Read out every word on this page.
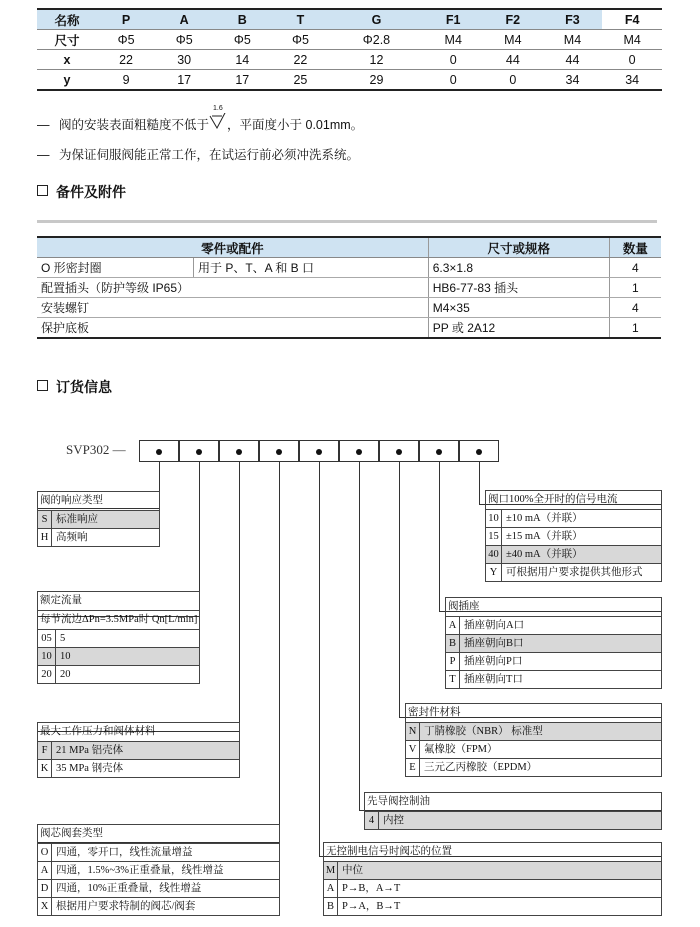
名称	P	A	B	T	G	F1	F2	F3	F4
尺寸	Φ5	Φ5	Φ5	Φ5	Φ2.8	M4	M4	M4	M4
x	22	30	14	22	12	0	44	44	0
y	9	17	17	25	29	0	0	34	34
— 阀的安装表面粗糙度不低于
1.6
，平面度小于 0.01mm。
— 为保证伺服阀能正常工作，在试运行前必须冲洗系统。
备件及附件
零件或配件		尺寸或规格	数量
O 形密封圈	用于 P、T、A 和 B 口	6.3×1.8	4
配置插头（防护等级 IP65）		HB6-77-83 插头	1
安装螺钉		M4×35	4
保护底板		PP 或 2A12	1
订货信息
SVP302 —
阀的响应类型
S 标准响应
H 高频响
额定流量
每节流边ΔPn=3.5MPa时 Qn[L/min]
05 5
10 10
20 20
最大工作压力和阀体材料
F 21 MPa 铝壳体
K 35 MPa 钢壳体
阀芯阀套类型
O 四通，零开口，线性流量增益
A 四通，1.5%~3%正重叠量，线性增益
D 四通，10%正重叠量，线性增益
X 根据用户要求特制的阀芯/阀套
阀口100%全开时的信号电流
10 ±10 mA（并联）
15 ±15 mA（并联）
40 ±40 mA（并联）
Y 可根据用户要求提供其他形式
阀插座
A 插座朝向A口
B 插座朝向B口
P 插座朝向P口
T 插座朝向T口
密封件材料
N 丁腈橡胶（NBR） 标准型
V 氟橡胶（FPM）
E 三元乙丙橡胶（EPDM）
先导阀控制油
4 内控
无控制电信号时阀芯的位置
M 中位
A P→B，A→T
B P→A，B→T
